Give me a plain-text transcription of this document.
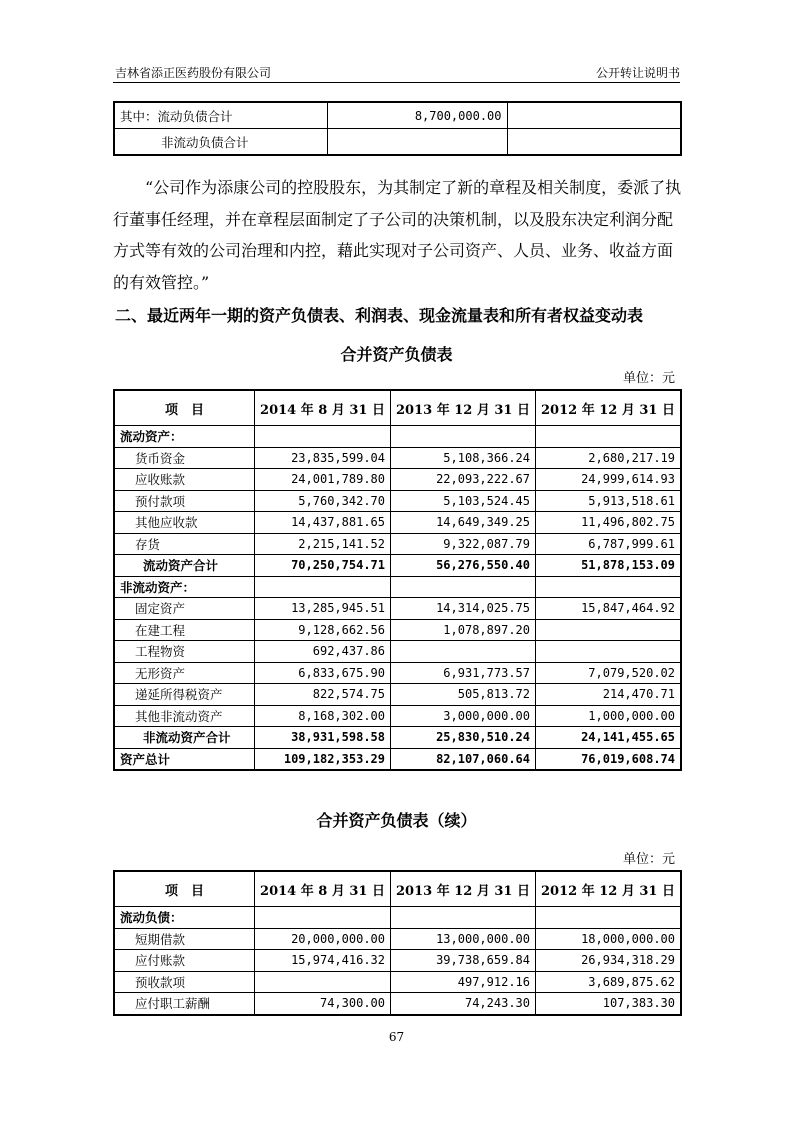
吉林省添正医药股份有限公司	公开转让说明书
其中：流动负债合计	8,700,000.00	
非流动负债合计		
“公司作为添康公司的控股股东，为其制定了新的章程及相关制度，委派了执行董事任经理，并在章程层面制定了子公司的决策机制，以及股东决定利润分配方式等有效的公司治理和内控，藉此实现对子公司资产、人员、业务、收益方面的有效管控。”
二、最近两年一期的资产负债表、利润表、现金流量表和所有者权益变动表
合并资产负债表
单位：元
项　目	2014 年 8 月 31 日	2013 年 12 月 31 日	2012 年 12 月 31 日
流动资产：			
货币资金	23,835,599.04	5,108,366.24	2,680,217.19
应收账款	24,001,789.80	22,093,222.67	24,999,614.93
预付款项	5,760,342.70	5,103,524.45	5,913,518.61
其他应收款	14,437,881.65	14,649,349.25	11,496,802.75
存货	2,215,141.52	9,322,087.79	6,787,999.61
流动资产合计	70,250,754.71	56,276,550.40	51,878,153.09
非流动资产：			
固定资产	13,285,945.51	14,314,025.75	15,847,464.92
在建工程	9,128,662.56	1,078,897.20	
工程物资	692,437.86		
无形资产	6,833,675.90	6,931,773.57	7,079,520.02
递延所得税资产	822,574.75	505,813.72	214,470.71
其他非流动资产	8,168,302.00	3,000,000.00	1,000,000.00
非流动资产合计	38,931,598.58	25,830,510.24	24,141,455.65
资产总计	109,182,353.29	82,107,060.64	76,019,608.74
合并资产负债表（续）
单位：元
项　目	2014 年 8 月 31 日	2013 年 12 月 31 日	2012 年 12 月 31 日
流动负债：			
短期借款	20,000,000.00	13,000,000.00	18,000,000.00
应付账款	15,974,416.32	39,738,659.84	26,934,318.29
预收款项		497,912.16	3,689,875.62
应付职工薪酬	74,300.00	74,243.30	107,383.30
67
